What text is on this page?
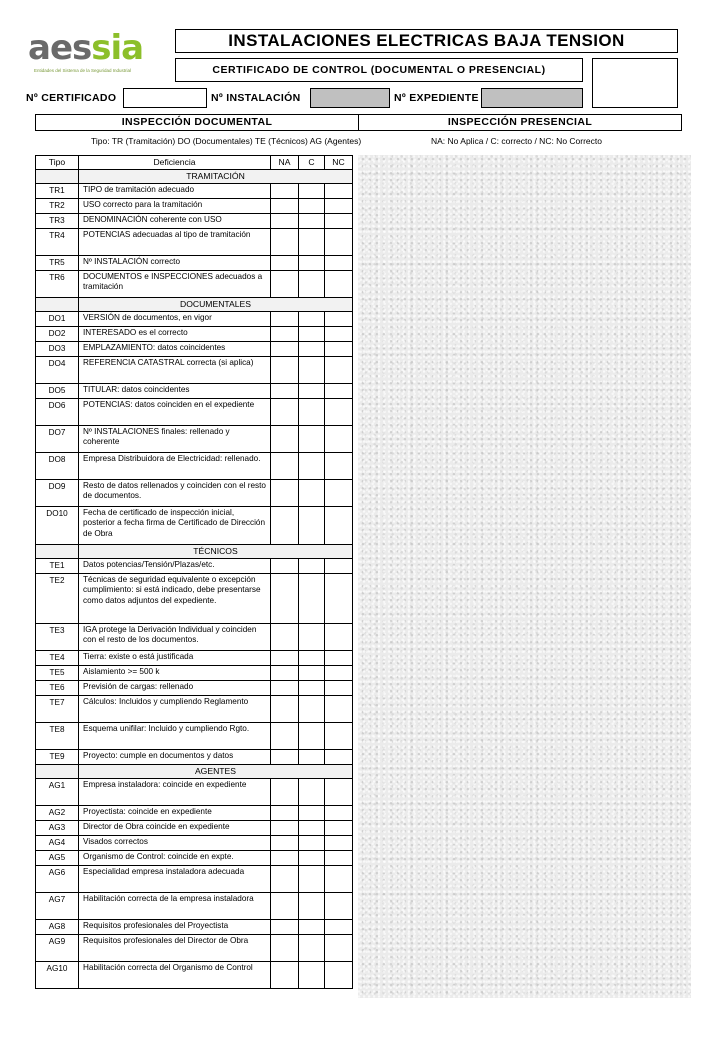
aessia
Entidades del Sistema de la Seguridad Industrial
INSTALACIONES ELECTRICAS BAJA TENSION
CERTIFICADO DE CONTROL (DOCUMENTAL O PRESENCIAL)
Nº CERTIFICADO	Nº INSTALACIÓN	Nº EXPEDIENTE
INSPECCIÓN DOCUMENTAL	INSPECCIÓN PRESENCIAL
Tipo: TR (Tramitación) DO (Documentales) TE (Técnicos) AG (Agentes)	NA: No Aplica / C: correcto / NC: No Correcto
Tipo	Deficiencia	NA	C	NC
	TRAMITACIÓN			
TR1	TIPO de tramitación adecuado			
TR2	USO correcto para la tramitación			
TR3	DENOMINACIÓN coherente con USO			
TR4	POTENCIAS adecuadas al tipo de tramitación			
TR5	Nº INSTALACIÓN correcto			
TR6	DOCUMENTOS e INSPECCIONES adecuados a tramitación			
	DOCUMENTALES			
DO1	VERSIÓN de documentos, en vigor			
DO2	INTERESADO es el correcto			
DO3	EMPLAZAMIENTO: datos coincidentes			
DO4	REFERENCIA CATASTRAL correcta (si aplica)			
DO5	TITULAR: datos coincidentes			
DO6	POTENCIAS: datos coinciden en el expediente			
DO7	Nº INSTALACIONES finales: rellenado y coherente			
DO8	Empresa Distribuidora de Electricidad: rellenado.			
DO9	Resto de datos rellenados y coinciden con el resto de documentos.			
DO10	Fecha de certificado de inspección inicial, posterior a fecha firma de Certificado de Dirección de Obra			
	TÉCNICOS			
TE1	Datos potencias/Tensión/Plazas/etc.			
TE2	Técnicas de seguridad equivalente o excepción cumplimiento: si está indicado, debe presentarse como datos adjuntos del expediente.			
TE3	IGA protege la Derivación Individual y coinciden con el resto de los documentos.			
TE4	Tierra: existe o está justificada			
TE5	Aislamiento >= 500 k			
TE6	Previsión de cargas: rellenado			
TE7	Cálculos: Incluidos y cumpliendo Reglamento			
TE8	Esquema unifilar: Incluido y cumpliendo Rgto.			
TE9	Proyecto: cumple en documentos y datos			
	AGENTES			
AG1	Empresa instaladora: coincide en expediente			
AG2	Proyectista: coincide en expediente			
AG3	Director de Obra coincide en expediente			
AG4	Visados correctos			
AG5	Organismo de Control: coincide en expte.			
AG6	Especialidad empresa instaladora adecuada			
AG7	Habilitación correcta de la empresa instaladora			
AG8	Requisitos profesionales del Proyectista			
AG9	Requisitos profesionales del Director de Obra			
AG10	Habilitación correcta del Organismo de Control			
